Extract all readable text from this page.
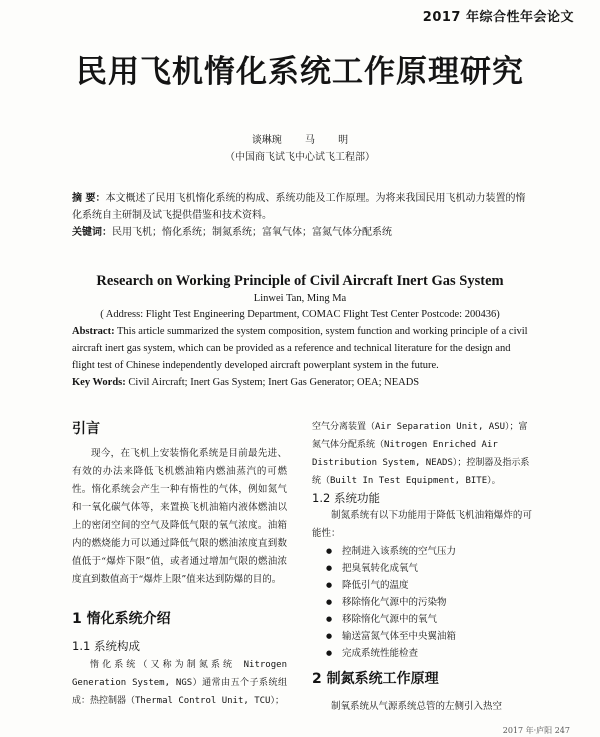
2017 年综合性年会论文
民用飞机惰化系统工作原理研究
谈琳琬 马 明
（中国商飞试飞中心试飞工程部）
摘 要：本文概述了民用飞机惰化系统的构成、系统功能及工作原理。为将来我国民用飞机动力装置的惰化系统自主研制及试飞提供借鉴和技术资料。
关键词：民用飞机；惰化系统；制氮系统；富氧气体；富氮气体分配系统
Research on Working Principle of Civil Aircraft Inert Gas System
Linwei Tan, Ming Ma
( Address: Flight Test Engineering Department, COMAC Flight Test Center Postcode: 200436)
Abstract: This article summarized the system composition, system function and working principle of a civil aircraft inert gas system, which can be provided as a reference and technical literature for the design and flight test of Chinese independently developed aircraft powerplant system in the future.
Key Words: Civil Aircraft; Inert Gas System; Inert Gas Generator; OEA; NEADS
引言
现今，在飞机上安装惰化系统是目前最先进、有效的办法来降低飞机燃油箱内燃油蒸汽的可燃性。惰化系统会产生一种有惰性的气体，例如氮气和一氧化碳气体等，来置换飞机油箱内液体燃油以上的密闭空间的空气及降低气限的氧气浓度。油箱内的燃烧能力可以通过降低气限的燃油浓度直到数值低于“爆炸下限”值，或者通过增加气限的燃油浓度直到数值高于“爆炸上限”值来达到防爆的目的。
1 惰化系统介绍
1.1 系统构成
惰化系统（又称为制氮系统 Nitrogen Generation System, NGS）通常由五个子系统组成：热控制器（Thermal Control Unit, TCU）；
空气分离装置（Air Separation Unit, ASU）；富氮气体分配系统（Nitrogen Enriched Air Distribution System, NEADS）；控制器及指示系统（Built In Test Equipment, BITE）。
1.2 系统功能
制氮系统有以下功能用于降低飞机油箱爆炸的可能性：
● 控制进入该系统的空气压力
● 把臭氧转化成氧气
● 降低引气的温度
● 移除惰化气源中的污染物
● 移除惰化气源中的氧气
● 输送富氮气体至中央翼油箱
● 完成系统性能检查
2 制氮系统工作原理
制氧系统从气源系统总管的左侧引入热空
2017 年·庐阳 247
